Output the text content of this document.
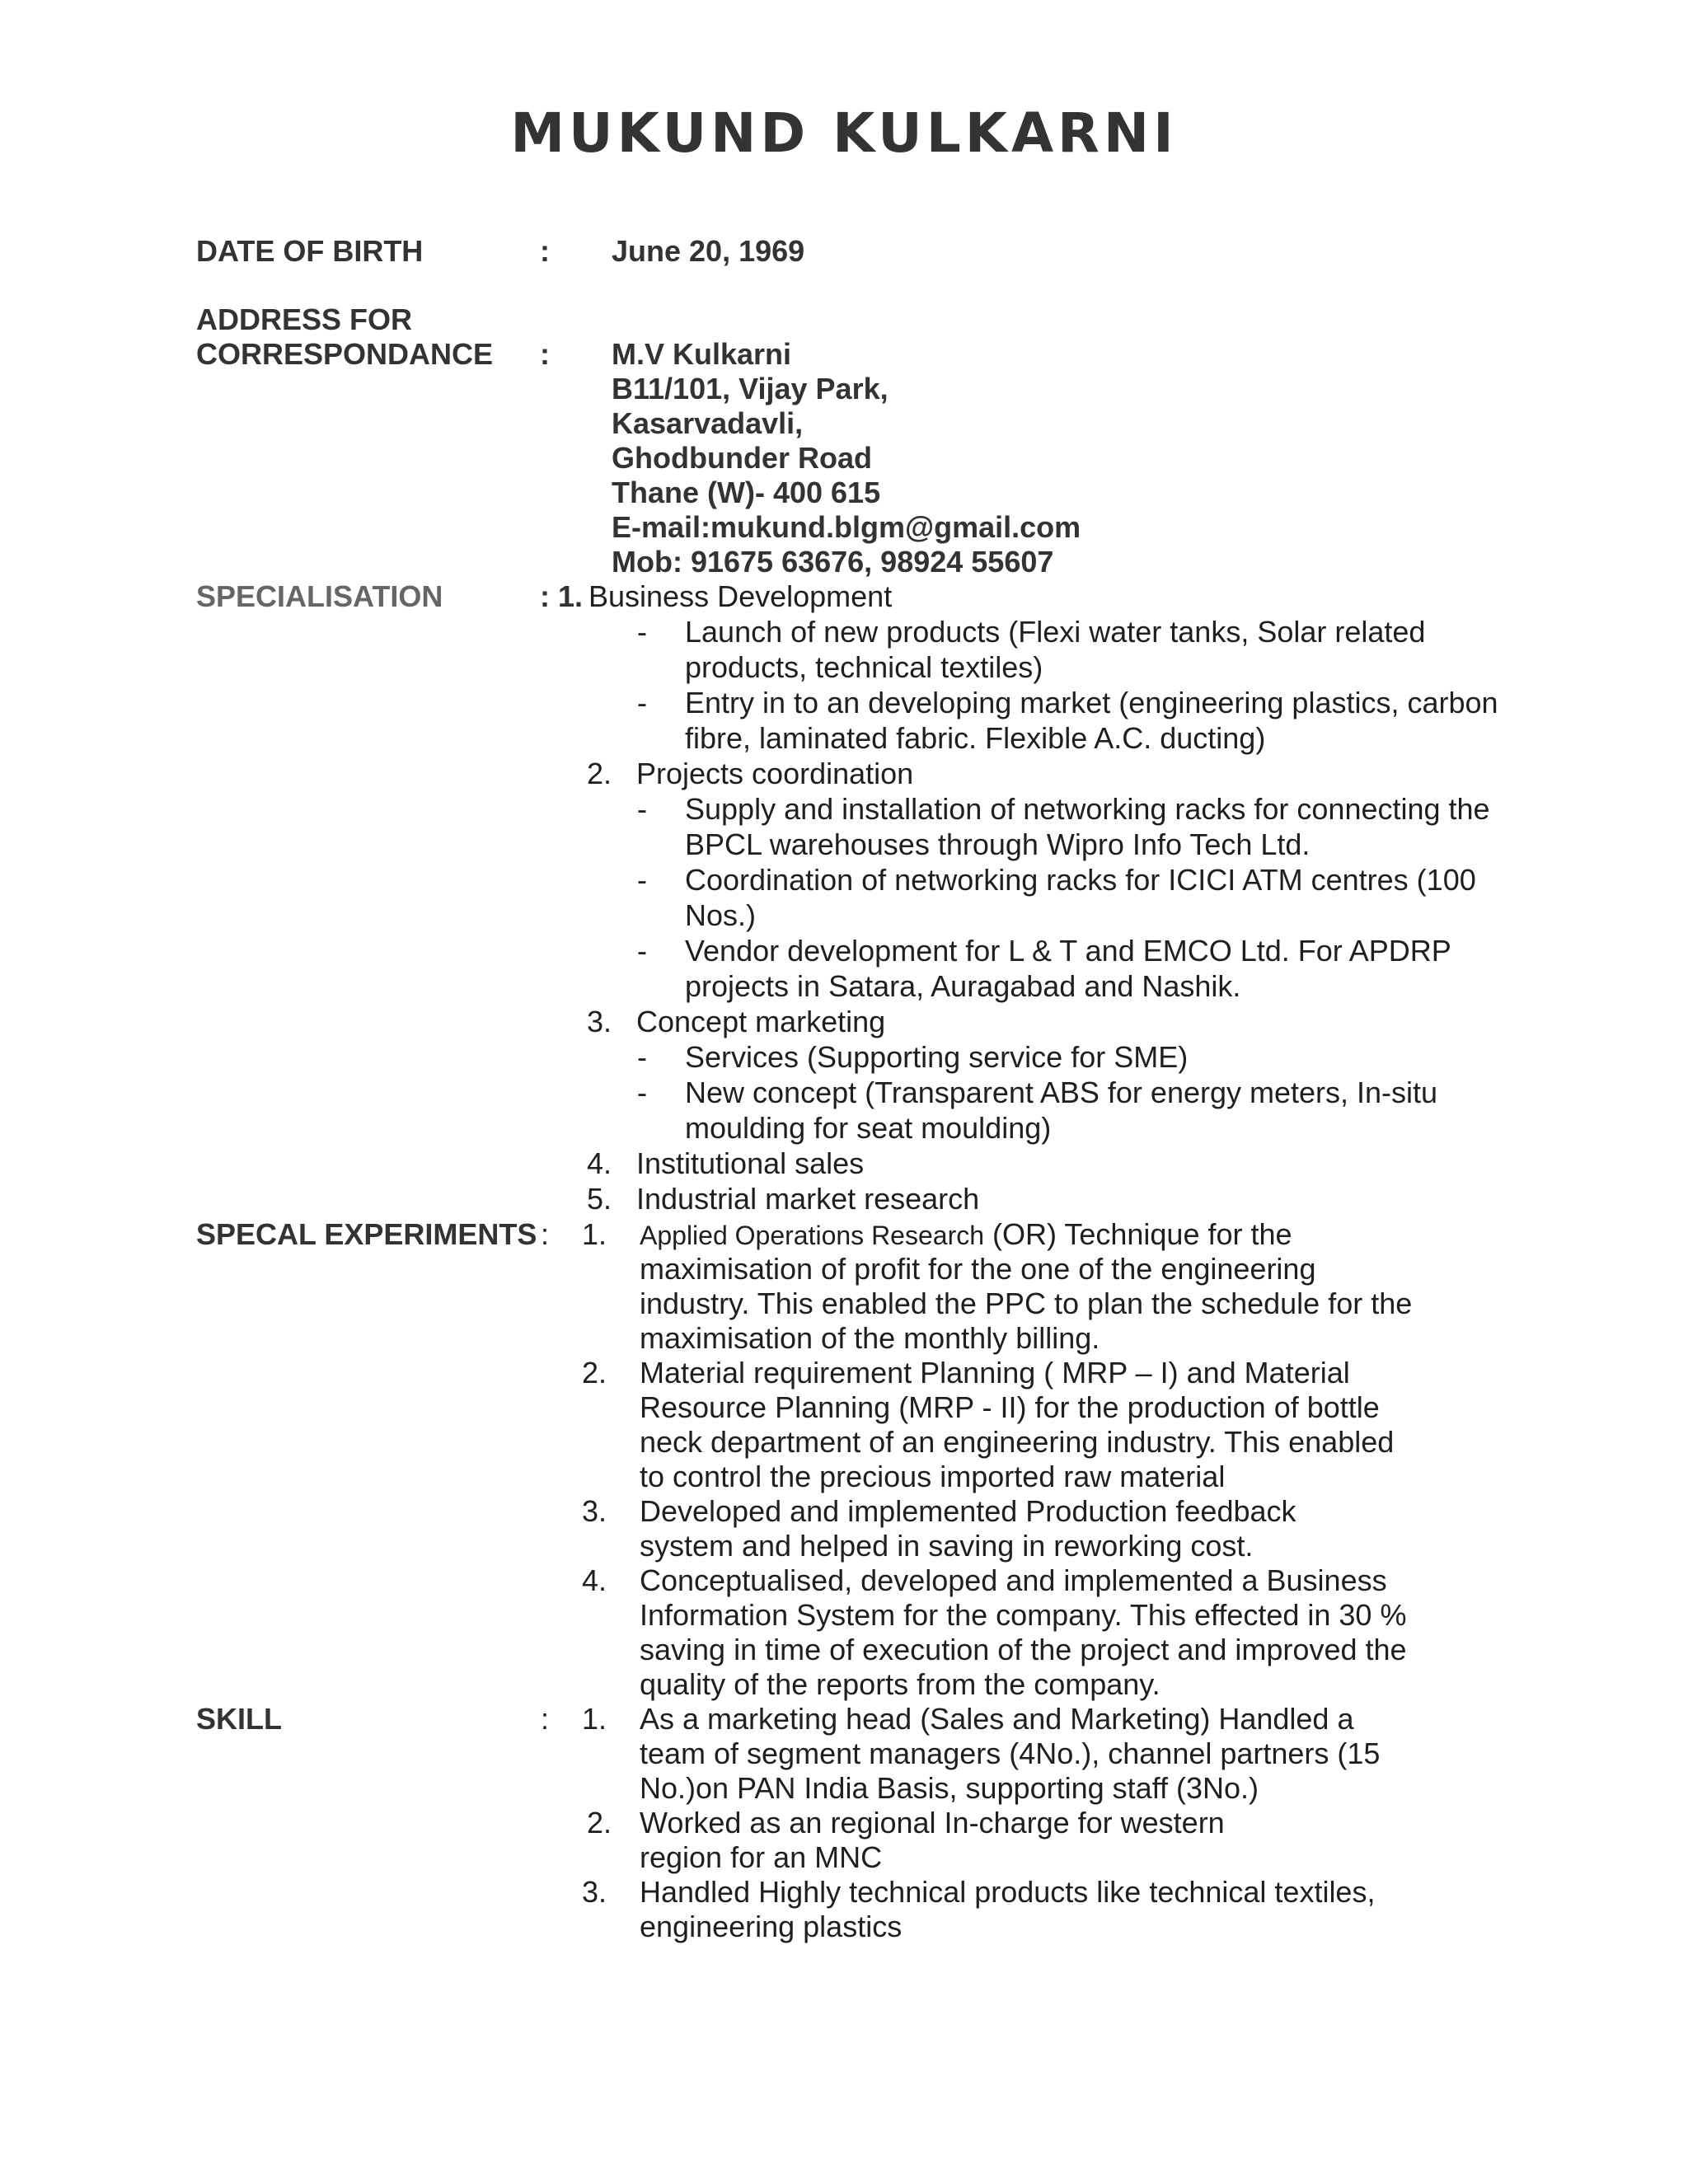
MUKUND KULKARNI
DATE OF BIRTH	: June 20, 1969
ADDRESS FOR
CORRESPONDANCE : M.V Kulkarni
B11/101, Vijay Park,
Kasarvadavli,
Ghodbunder Road
Thane (W)- 400 615
E-mail:mukund.blgm@gmail.com
Mob: 91675 63676, 98924 55607
SPECIALISATION	: 1. Business Development
- Launch of new products (Flexi water tanks, Solar related
products, technical textiles)
- Entry in to an developing market (engineering plastics, carbon
fibre, laminated fabric. Flexible A.C. ducting)
2. Projects coordination
- Supply and installation of networking racks for connecting the
BPCL warehouses through Wipro Info Tech Ltd.
- Coordination of networking racks for ICICI ATM centres (100
Nos.)
- Vendor development for L & T and EMCO Ltd. For APDRP
projects in Satara, Auragabad and Nashik.
3. Concept marketing
- Services (Supporting service for SME)
- New concept (Transparent ABS for energy meters, In-situ
moulding for seat moulding)
4. Institutional sales
5. Industrial market research
SPECAL EXPERIMENTS : 1. Applied Operations Research (OR) Technique for the
maximisation of profit for the one of the engineering
industry. This enabled the PPC to plan the schedule for the
maximisation of the monthly billing.
2. Material requirement Planning ( MRP – I) and Material
Resource Planning (MRP - II) for the production of bottle
neck department of an engineering industry. This enabled
to control the precious imported raw material
3. Developed and implemented Production feedback
system and helped in saving in reworking cost.
4. Conceptualised, developed and implemented a Business
Information System for the company. This effected in 30 %
saving in time of execution of the project and improved the
quality of the reports from the company.
SKILL	: 1. As a marketing head (Sales and Marketing) Handled a
team of segment managers (4No.), channel partners (15
No.)on PAN India Basis, supporting staff (3No.)
2. Worked as an regional In-charge for western
region for an MNC
3. Handled Highly technical products like technical textiles,
engineering plastics
